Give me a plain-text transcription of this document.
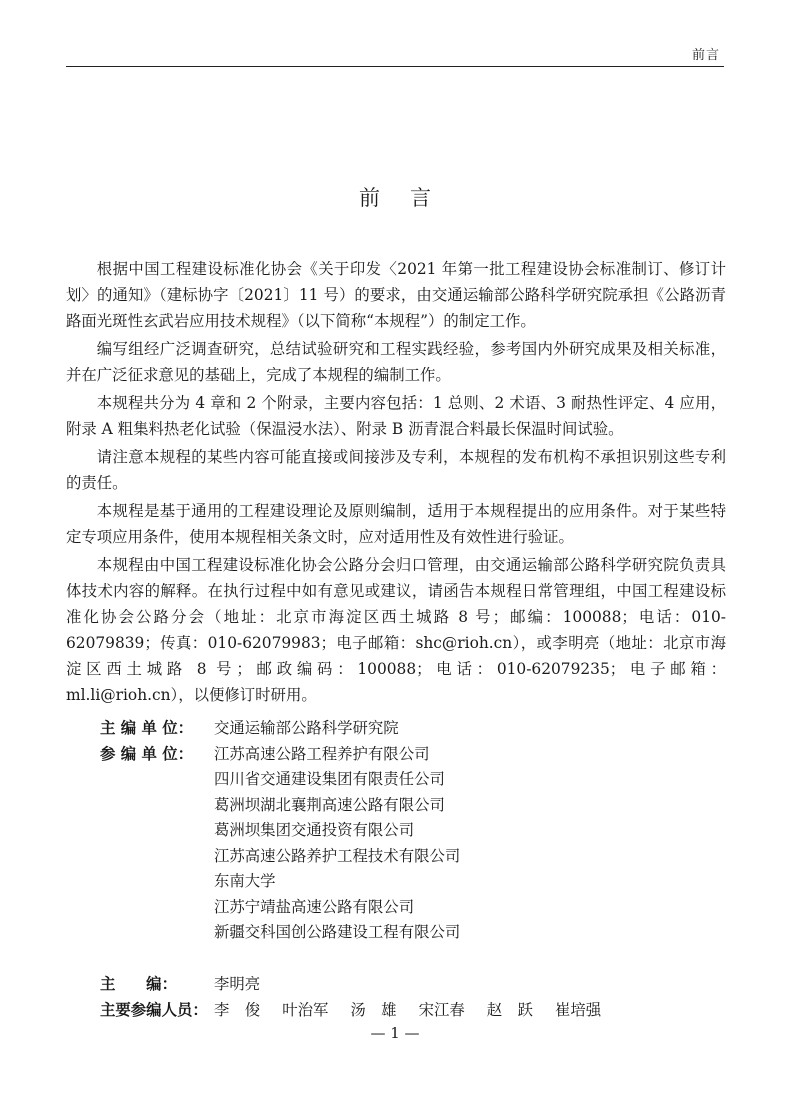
前言
前言

根据中国工程建设标准化协会《关于印发〈2021 年第一批工程建设协会标准制订、修订计划〉的通知》（建标协字〔2021〕11 号）的要求，由交通运输部公路科学研究院承担《公路沥青路面光斑性玄武岩应用技术规程》（以下简称“本规程”）的制定工作。

编写组经广泛调查研究，总结试验研究和工程实践经验，参考国内外研究成果及相关标准，并在广泛征求意见的基础上，完成了本规程的编制工作。

本规程共分为 4 章和 2 个附录，主要内容包括：1 总则、2 术语、3 耐热性评定、4 应用，附录 A 粗集料热老化试验（保温浸水法）、附录 B 沥青混合料最长保温时间试验。

请注意本规程的某些内容可能直接或间接涉及专利，本规程的发布机构不承担识别这些专利的责任。

本规程是基于通用的工程建设理论及原则编制，适用于本规程提出的应用条件。对于某些特定专项应用条件，使用本规程相关条文时，应对适用性及有效性进行验证。

本规程由中国工程建设标准化协会公路分会归口管理，由交通运输部公路科学研究院负责具体技术内容的解释。在执行过程中如有意见或建议，请函告本规程日常管理组，中国工程建设标准化协会公路分会（地址：北京市海淀区西土城路 8 号；邮编：100088；电话：010-62079839；传真：010-62079983；电子邮箱：shc@rioh.cn），或李明亮（地址：北京市海淀区西土城路 8 号；邮政编码：100088；电话：010-62079235；电子邮箱：ml.li@rioh.cn），以便修订时研用。

主 编 单 位：	交通运输部公路科学研究院
参 编 单 位：	江苏高速公路工程养护有限公司
四川省交通建设集团有限责任公司
葛洲坝湖北襄荆高速公路有限公司
葛洲坝集团交通投资有限公司
江苏高速公路养护工程技术有限公司
东南大学
江苏宁靖盐高速公路有限公司
新疆交科国创公路建设工程有限公司
主　　编：	李明亮
主要参编人员： 李　俊 叶治军 汤　雄 宋江春 赵　跃 崔培强
— 1 —
